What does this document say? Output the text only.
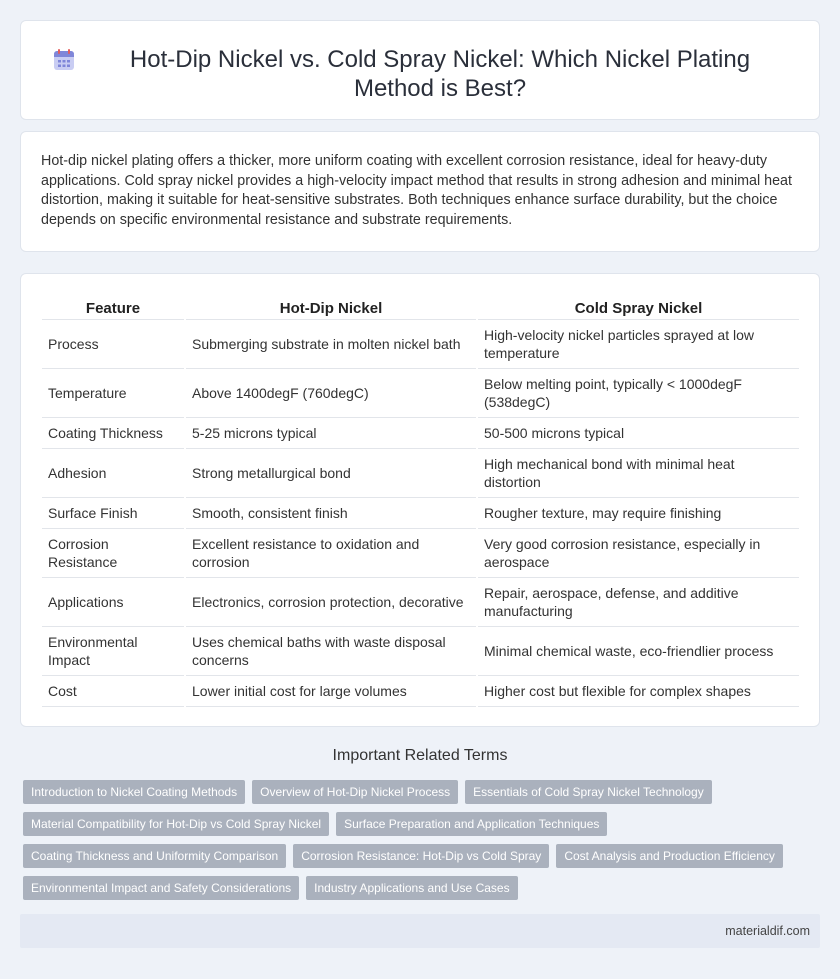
Hot-Dip Nickel vs. Cold Spray Nickel: Which Nickel Plating Method is Best?

Hot-dip nickel plating offers a thicker, more uniform coating with excellent corrosion resistance, ideal for heavy-duty applications. Cold spray nickel provides a high-velocity impact method that results in strong adhesion and minimal heat distortion, making it suitable for heat-sensitive substrates. Both techniques enhance surface durability, but the choice depends on specific environmental resistance and substrate requirements.

Feature	Hot-Dip Nickel	Cold Spray Nickel
Process	Submerging substrate in molten nickel bath	High-velocity nickel particles sprayed at low temperature
Temperature	Above 1400degF (760degC)	Below melting point, typically < 1000degF (538degC)
Coating Thickness	5-25 microns typical	50-500 microns typical
Adhesion	Strong metallurgical bond	High mechanical bond with minimal heat distortion
Surface Finish	Smooth, consistent finish	Rougher texture, may require finishing
Corrosion Resistance	Excellent resistance to oxidation and corrosion	Very good corrosion resistance, especially in aerospace
Applications	Electronics, corrosion protection, decorative	Repair, aerospace, defense, and additive manufacturing
Environmental Impact	Uses chemical baths with waste disposal concerns	Minimal chemical waste, eco-friendlier process
Cost	Lower initial cost for large volumes	Higher cost but flexible for complex shapes
Important Related Terms
Introduction to Nickel Coating Methods	Overview of Hot-Dip Nickel Process	Essentials of Cold Spray Nickel Technology
Material Compatibility for Hot-Dip vs Cold Spray Nickel	Surface Preparation and Application Techniques
Coating Thickness and Uniformity Comparison	Corrosion Resistance: Hot-Dip vs Cold Spray	Cost Analysis and Production Efficiency
Environmental Impact and Safety Considerations	Industry Applications and Use Cases
materialdif.com
